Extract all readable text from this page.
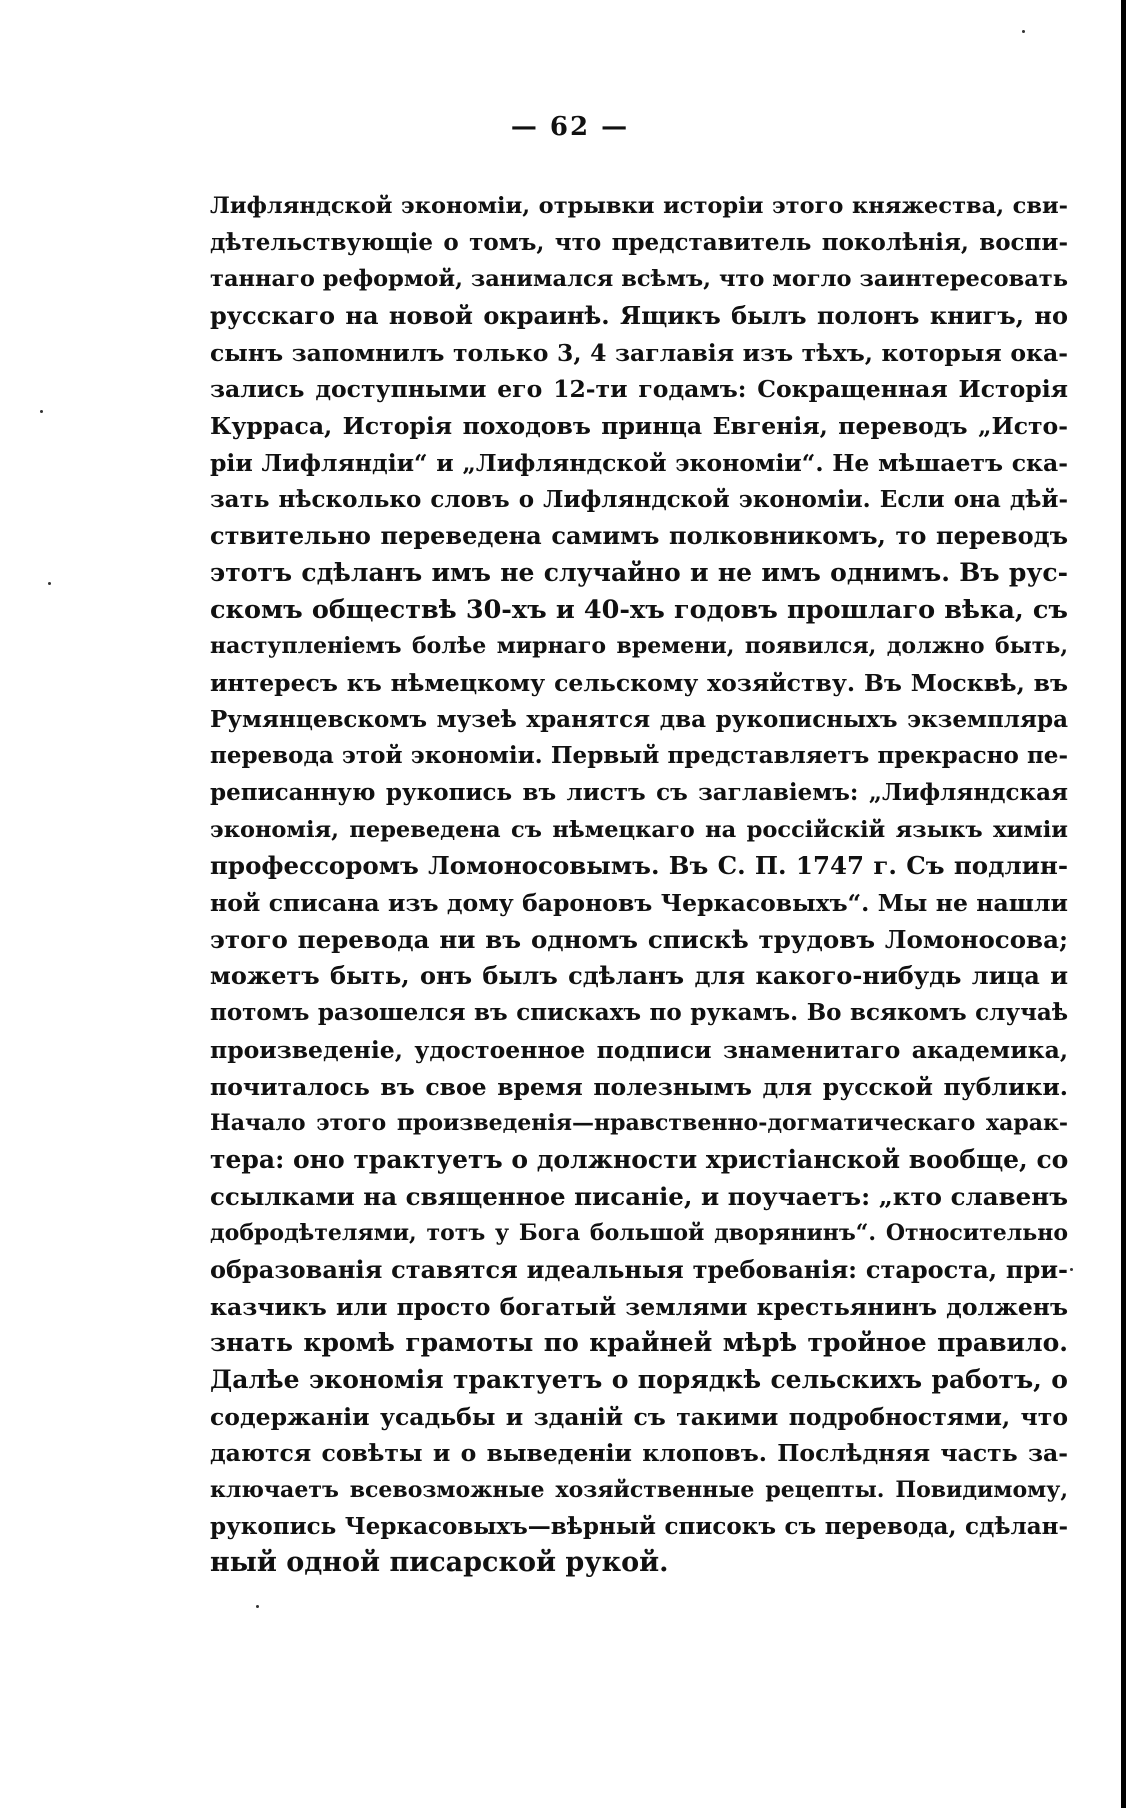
— 62 —
Лифляндской экономіи, отрывки исторіи этого княжества, сви-
дѣтельствующіе о томъ, что представитель поколѣнія, воспи-
таннаго реформой, занимался всѣмъ, что могло заинтересовать
русскаго на новой окраинѣ. Ящикъ былъ полонъ книгъ, но
сынъ запомнилъ только 3, 4 заглавія изъ тѣхъ, которыя ока-
зались доступными его 12-ти годамъ: Сокращенная Исторія
Курраса, Исторія походовъ принца Евгенія, переводъ „Исто-
ріи Лифляндіи“ и „Лифляндской экономіи“. Не мѣшаетъ ска-
зать нѣсколько словъ о Лифляндской экономіи. Если она дѣй-
ствительно переведена самимъ полковникомъ, то переводъ
этотъ сдѣланъ имъ не случайно и не имъ однимъ. Въ рус-
скомъ обществѣ 30-хъ и 40-хъ годовъ прошлаго вѣка, съ
наступленіемъ болѣе мирнаго времени, появился, должно быть,
интересъ къ нѣмецкому сельскому хозяйству. Въ Москвѣ, въ
Румянцевскомъ музеѣ хранятся два рукописныхъ экземпляра
перевода этой экономіи. Первый представляетъ прекрасно пе-
реписанную рукопись въ листъ съ заглавіемъ: „Лифляндская
экономія, переведена съ нѣмецкаго на россійскій языкъ химіи
профессоромъ Ломоносовымъ. Въ С. П. 1747 г. Съ подлин-
ной списана изъ дому бароновъ Черкасовыхъ“. Мы не нашли
этого перевода ни въ одномъ спискѣ трудовъ Ломоносова;
можетъ быть, онъ былъ сдѣланъ для какого-нибудь лица и
потомъ разошелся въ спискахъ по рукамъ. Во всякомъ случаѣ
произведеніе, удостоенное подписи знаменитаго академика,
почиталось въ свое время полезнымъ для русской публики.
Начало этого произведенія—нравственно-догматическаго харак-
тера: оно трактуетъ о должности христіанской вообще, со
ссылками на священное писаніе, и поучаетъ: „кто славенъ
добродѣтелями, тотъ у Бога большой дворянинъ“. Относительно
образованія ставятся идеальныя требованія: староста, при-
казчикъ или просто богатый землями крестьянинъ долженъ
знать кромѣ грамоты по крайней мѣрѣ тройное правило.
Далѣе экономія трактуетъ о порядкѣ сельскихъ работъ, о
содержаніи усадьбы и зданій съ такими подробностями, что
даются совѣты и о выведеніи клоповъ. Послѣдняя часть за-
ключаетъ всевозможные хозяйственные рецепты. Повидимому,
рукопись Черкасовыхъ—вѣрный списокъ съ перевода, сдѣлан-
ный одной писарской рукой.
